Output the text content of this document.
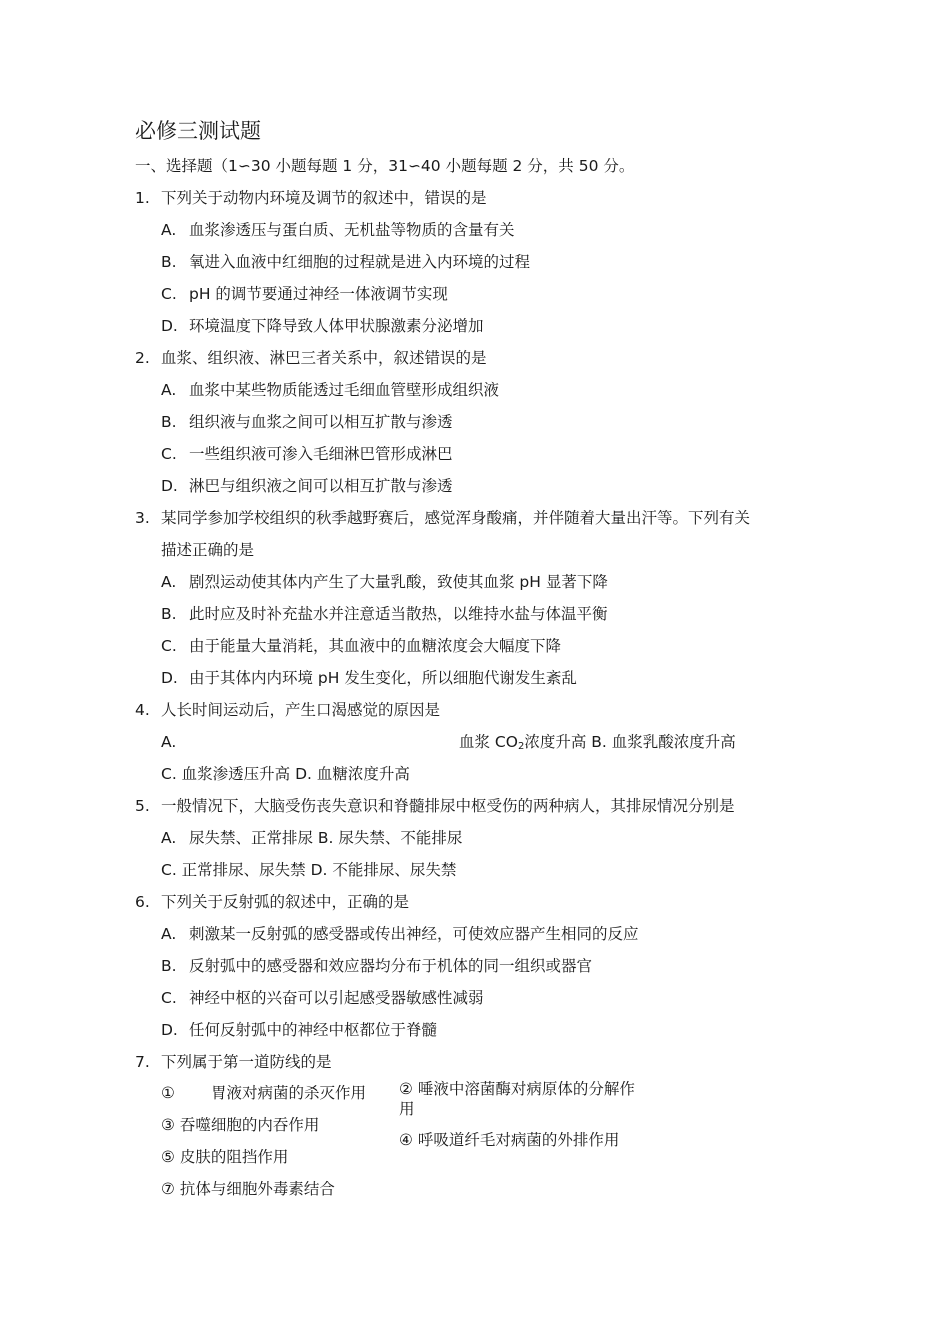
必修三测试题
一、选择题（1∽30 小题每题 1 分，31∽40 小题每题 2 分，共 50 分。
1. 下列关于动物内环境及调节的叙述中，错误的是
A. 血浆渗透压与蛋白质、无机盐等物质的含量有关
B. 氧进入血液中红细胞的过程就是进入内环境的过程
C. pH 的调节要通过神经一体液调节实现
D. 环境温度下降导致人体甲状腺激素分泌增加
2. 血浆、组织液、淋巴三者关系中，叙述错误的是
A. 血浆中某些物质能透过毛细血管壁形成组织液
B. 组织液与血浆之间可以相互扩散与渗透
C. 一些组织液可渗入毛细淋巴管形成淋巴
D. 淋巴与组织液之间可以相互扩散与渗透
3. 某同学参加学校组织的秋季越野赛后，感觉浑身酸痛，并伴随着大量出汗等。下列有关
描述正确的是
A. 剧烈运动使其体内产生了大量乳酸，致使其血浆 pH 显著下降
B. 此时应及时补充盐水并注意适当散热，以维持水盐与体温平衡
C. 由于能量大量消耗，其血液中的血糖浓度会大幅度下降
D. 由于其体内内环境 pH 发生变化，所以细胞代谢发生紊乱
4. 人长时间运动后，产生口渴感觉的原因是
A.	血浆 $CO_2$浓度升高 B. 血浆乳酸浓度升高
C. 血浆渗透压升高 D. 血糖浓度升高
5. 一般情况下，大脑受伤丧失意识和脊髓排尿中枢受伤的两种病人，其排尿情况分别是
A. 尿失禁、正常排尿 B. 尿失禁、不能排尿
C. 正常排尿、尿失禁 D. 不能排尿、尿失禁
6. 下列关于反射弧的叙述中，正确的是
A. 刺激某一反射弧的感受器或传出神经，可使效应器产生相同的反应
B. 反射弧中的感受器和效应器均分布于机体的同一组织或器官
C. 神经中枢的兴奋可以引起感受器敏感性减弱
D. 任何反射弧中的神经中枢都位于脊髓
7. 下列属于第一道防线的是
① 胃液对病菌的杀灭作用 ② 唾液中溶菌酶对病原体的分解作
用
③ 吞噬细胞的内吞作用
④ 呼吸道纤毛对病菌的外排作用
⑤ 皮肤的阻挡作用
⑦ 抗体与细胞外毒素结合
